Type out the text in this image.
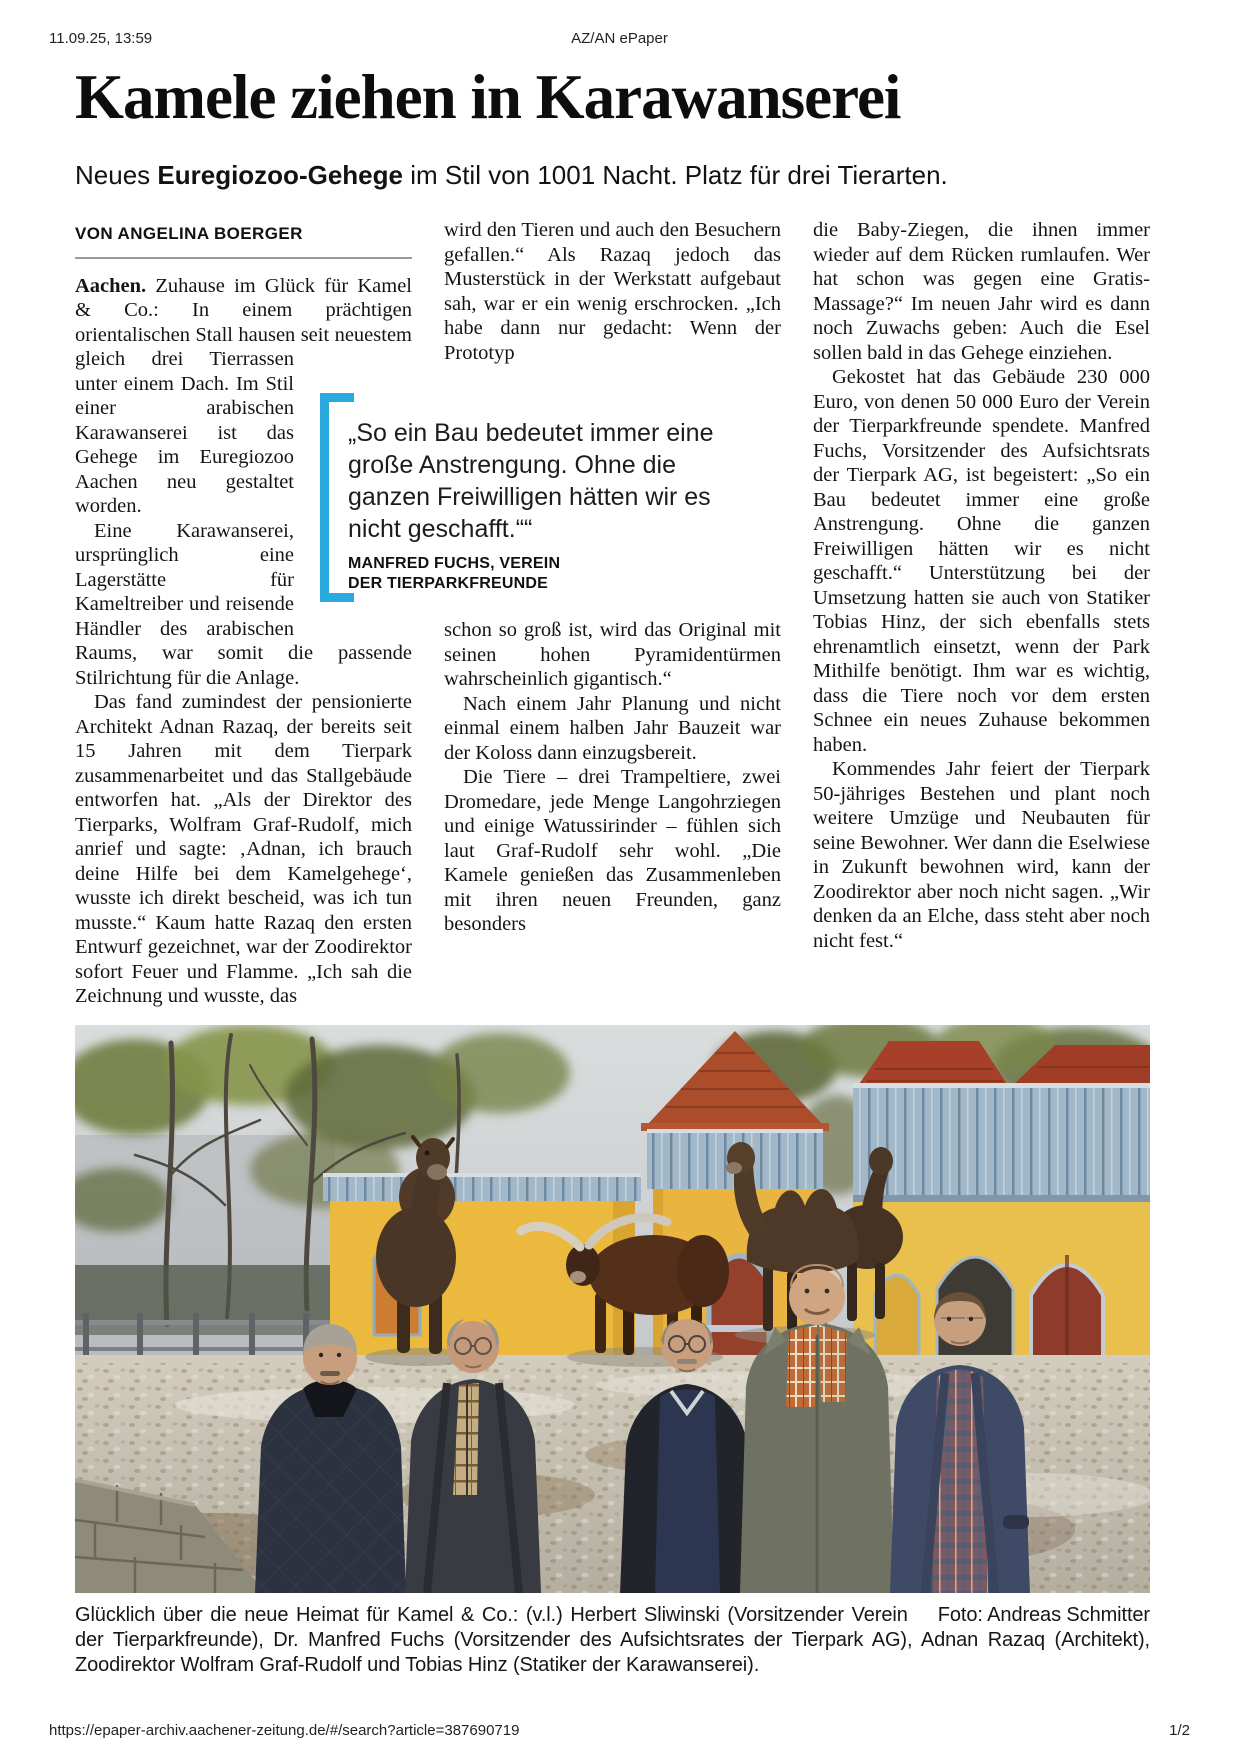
11.09.25, 13:59	AZ/AN ePaper
Kamele ziehen in Karawanserei
Neues Euregiozoo-Gehege im Stil von 1001 Nacht. Platz für drei Tierarten.
VON ANGELINA BOERGER

Aachen. Zuhause im Glück für Kamel & Co.: In einem prächtigen orientalischen Stall hausen seit neuestem gleich drei Tierrassen
unter einem Dach. Im Stil einer arabischen Karawanserei ist das Gehege im Euregiozoo Aachen neu gestaltet worden.

Eine Karawanserei, ursprünglich eine Lagerstätte für Kameltreiber und reisende Händler des arabischen Raums, war somit die passende Stilrichtung für die Anlage.

Das fand zumindest der pensionierte Architekt Adnan Razaq, der bereits seit 15 Jahren mit dem Tierpark zusammenarbeitet und das Stallgebäude entworfen hat. „Als der Direktor des Tierparks, Wolfram Graf-Rudolf, mich anrief und sagte: ‚Adnan, ich brauch deine Hilfe bei dem Kamelgehege‘, wusste ich direkt bescheid, was ich tun musste.“ Kaum hatte Razaq den ersten Entwurf gezeichnet, war der Zoodirektor sofort Feuer und Flamme. „Ich sah die Zeichnung und wusste, das

wird den Tieren und auch den Besuchern gefallen.“ Als Razaq jedoch das Musterstück in der Werkstatt aufgebaut sah, war er ein wenig erschrocken. „Ich habe dann nur gedacht: Wenn der Prototyp

„So ein Bau bedeutet immer eine große Anstrengung. Ohne die ganzen Freiwilligen hätten wir es nicht geschafft.““
MANFRED FUCHS, VEREIN
DER TIERPARKFREUNDE

schon so groß ist, wird das Original mit seinen hohen Pyramidentürmen wahrscheinlich gigantisch.“

Nach einem Jahr Planung und nicht einmal einem halben Jahr Bauzeit war der Koloss dann einzugsbereit.

Die Tiere – drei Trampeltiere, zwei Dromedare, jede Menge Langohrziegen und einige Watussirinder – fühlen sich laut Graf-Rudolf sehr wohl. „Die Kamele genießen das Zusammenleben mit ihren neuen Freunden, ganz besonders

die Baby-Ziegen, die ihnen immer wieder auf dem Rücken rumlaufen. Wer hat schon was gegen eine Gratis-Massage?“ Im neuen Jahr wird es dann noch Zuwachs geben: Auch die Esel sollen bald in das Gehege einziehen.

Gekostet hat das Gebäude 230 000 Euro, von denen 50 000 Euro der Verein der Tierparkfreunde spendete. Manfred Fuchs, Vorsitzender des Aufsichtsrats der Tierpark AG, ist begeistert: „So ein Bau bedeutet immer eine große Anstrengung. Ohne die ganzen Freiwilligen hätten wir es nicht geschafft.“ Unterstützung bei der Umsetzung hatten sie auch von Statiker Tobias Hinz, der sich ebenfalls stets ehrenamtlich einsetzt, wenn der Park Mithilfe benötigt. Ihm war es wichtig, dass die Tiere noch vor dem ersten Schnee ein neues Zuhause bekommen haben.

Kommendes Jahr feiert der Tierpark 50-jähriges Bestehen und plant noch weitere Umzüge und Neubauten für seine Bewohner. Wer dann die Eselwiese in Zukunft bewohnen wird, kann der Zoodirektor aber noch nicht sagen. „Wir denken da an Elche, dass steht aber noch nicht fest.“

Foto: Andreas Schmitter
Glücklich über die neue Heimat für Kamel & Co.: (v.l.) Herbert Sliwinski (Vorsitzender Verein der Tierparkfreunde), Dr. Manfred Fuchs (Vorsitzender des Aufsichtsrates der Tierpark AG), Adnan Razaq (Architekt), Zoodirektor Wolfram Graf-Rudolf und Tobias Hinz (Statiker der Karawanserei).
https://epaper-archiv.aachener-zeitung.de/#/search?article=387690719	1/2
